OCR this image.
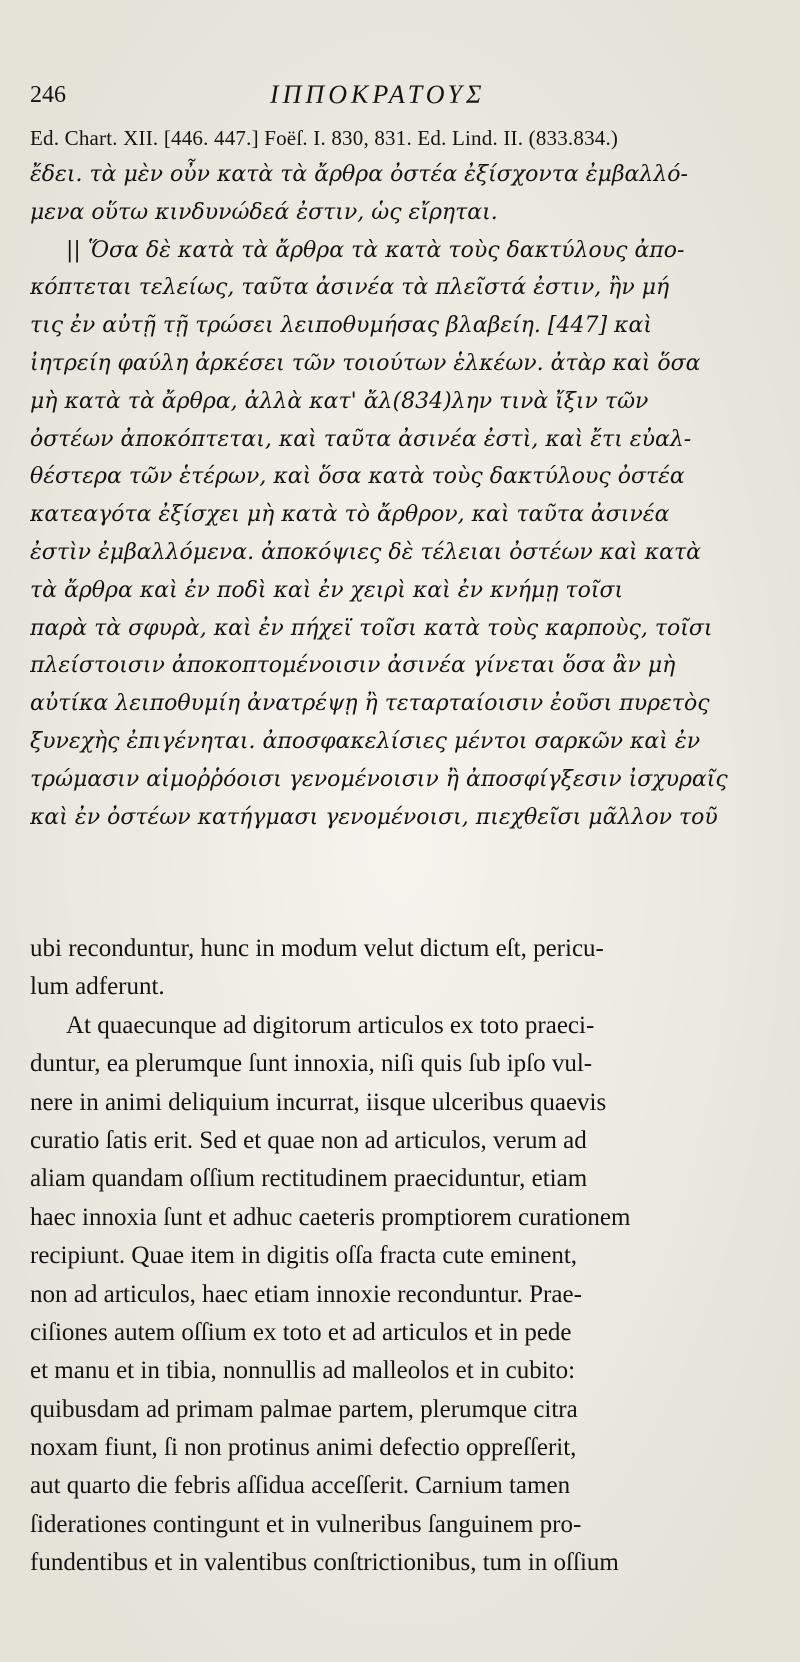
246	ΙΠΠΟΚΡΑΤΟΥΣ
Ed. Chart. XII. [446. 447.] Foëſ. I. 830, 831. Ed. Lind. II. (833.834.)
ἔδει. τὰ μὲν οὖν κατὰ τὰ ἄρθρα ὀστέα ἐξίσχοντα ἐμβαλλό-
μενα οὕτω κινδυνώδεά ἐστιν, ὡς εἴρηται.
|| Ὅσα δὲ κατὰ τὰ ἄρθρα τὰ κατὰ τοὺς δακτύλους ἀπο-
κόπτεται τελείως, ταῦτα ἀσινέα τὰ πλεῖστά ἐστιν, ἢν μή
τις ἐν αὐτῇ τῇ τρώσει λειποθυμήσας βλαβείη. [447] καὶ
ἰητρείη φαύλη ἀρκέσει τῶν τοιούτων ἑλκέων. ἀτὰρ καὶ ὅσα
μὴ κατὰ τὰ ἄρθρα, ἀλλὰ κατ' ἄλ(834)λην τινὰ ἴξιν τῶν
ὀστέων ἀποκόπτεται, καὶ ταῦτα ἀσινέα ἐστὶ, καὶ ἔτι εὐαλ-
θέστερα τῶν ἑτέρων, καὶ ὅσα κατὰ τοὺς δακτύλους ὀστέα
κατεαγότα ἐξίσχει μὴ κατὰ τὸ ἄρθρον, καὶ ταῦτα ἀσινέα
ἐστὶν ἐμβαλλόμενα. ἀποκόψιες δὲ τέλειαι ὀστέων καὶ κατὰ
τὰ ἄρθρα καὶ ἐν ποδὶ καὶ ἐν χειρὶ καὶ ἐν κνήμῃ τοῖσι
παρὰ τὰ σφυρὰ, καὶ ἐν πήχεϊ τοῖσι κατὰ τοὺς καρποὺς, τοῖσι
πλείστοισιν ἀποκοπτομένοισιν ἀσινέα γίνεται ὅσα ἂν μὴ
αὐτίκα λειποθυμίη ἀνατρέψῃ ἢ τεταρταίοισιν ἐοῦσι πυρετὸς
ξυνεχὴς ἐπιγένηται. ἀποσφακελίσιες μέντοι σαρκῶν καὶ ἐν
τρώμασιν αἱμοῤῥόοισι γενομένοισιν ἢ ἀποσφίγξεσιν ἰσχυραῖς
καὶ ἐν ὀστέων κατήγμασι γενομένοισι, πιεχθεῖσι μᾶλλον τοῦ
ubi reconduntur, hunc in modum velut dictum eſt, pericu-
lum adferunt.
At quaecunque ad digitorum articulos ex toto praeci-
duntur, ea plerumque ſunt innoxia, niſi quis ſub ipſo vul-
nere in animi deliquium incurrat, iisque ulceribus quaevis
curatio ſatis erit. Sed et quae non ad articulos, verum ad
aliam quandam oſſium rectitudinem praeciduntur, etiam
haec innoxia ſunt et adhuc caeteris promptiorem curationem
recipiunt. Quae item in digitis oſſa fracta cute eminent,
non ad articulos, haec etiam innoxie reconduntur. Prae-
ciſiones autem oſſium ex toto et ad articulos et in pede
et manu et in tibia, nonnullis ad malleolos et in cubito:
quibusdam ad primam palmae partem, plerumque citra
noxam fiunt, ſi non protinus animi defectio oppreſſerit,
aut quarto die febris aſſidua acceſſerit. Carnium tamen
ſiderationes contingunt et in vulneribus ſanguinem pro-
fundentibus et in valentibus conſtrictionibus, tum in oſſium
